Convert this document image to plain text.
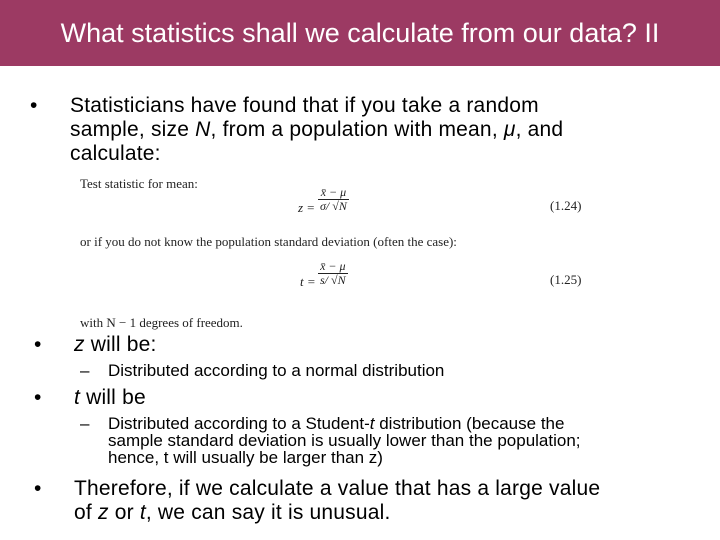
What statistics shall we calculate from our data? II
• Statisticians have found that if you take a random
sample, size N, from a population with mean, μ, and
calculate:
Test statistic for mean:
z =
x̄ − μ
σ/ √N	(1.24)
or if you do not know the population standard deviation (often the case):
t =
x̄ − μ
s/ √N	(1.25)
with N − 1 degrees of freedom.
• z will be:
– Distributed according to a normal distribution
• t will be
– Distributed according to a Student-t distribution (because the
sample standard deviation is usually lower than the population;
hence, t will usually be larger than z)
• Therefore, if we calculate a value that has a large value
of z or t, we can say it is unusual.
